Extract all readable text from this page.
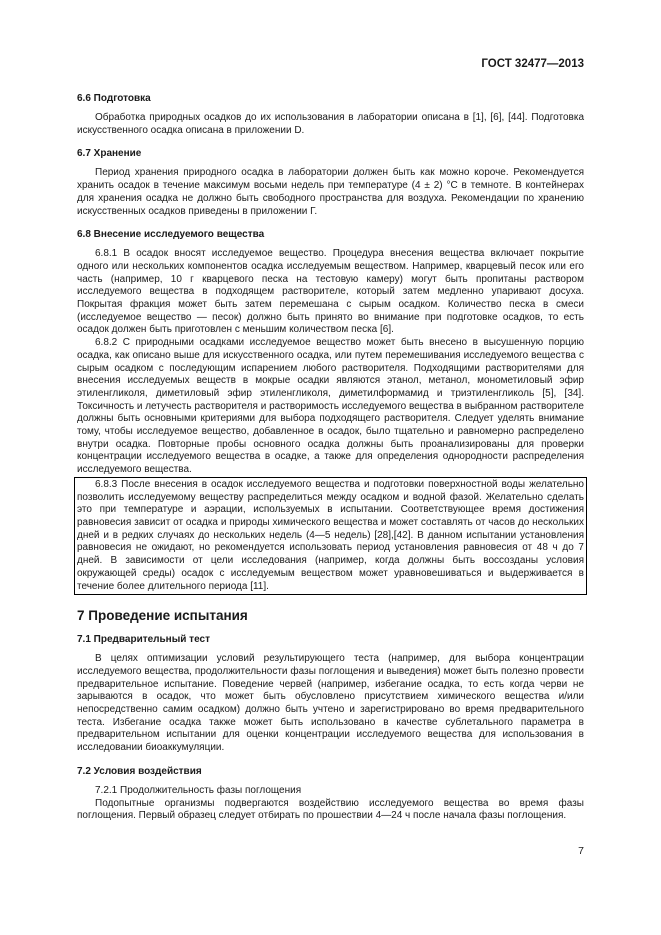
ГОСТ 32477—2013
6.6 Подготовка

Обработка природных осадков до их использования в лаборатории описана в [1], [6], [44]. Подготовка искусственного осадка описана в приложении D.

6.7 Хранение

Период хранения природного осадка в лаборатории должен быть как можно короче. Рекомендуется хранить осадок в течение максимум восьми недель при температуре (4 ± 2) °С в темноте. В контейнерах для хранения осадка не должно быть свободного пространства для воздуха. Рекомендации по хранению искусственных осадков приведены в приложении Г.

6.8 Внесение исследуемого вещества

6.8.1 В осадок вносят исследуемое вещество. Процедура внесения вещества включает покрытие одного или нескольких компонентов осадка исследуемым веществом. Например, кварцевый песок или его часть (например, 10 г кварцевого песка на тестовую камеру) могут быть пропитаны раствором исследуемого вещества в подходящем растворителе, который затем медленно упаривают досуха. Покрытая фракция может быть затем перемешана с сырым осадком. Количество песка в смеси (исследуемое вещество — песок) должно быть принято во внимание при подготовке осадков, то есть осадок должен быть приготовлен с меньшим количеством песка [6].

6.8.2 С природными осадками исследуемое вещество может быть внесено в высушенную порцию осадка, как описано выше для искусственного осадка, или путем перемешивания исследуемого вещества с сырым осадком с последующим испарением любого растворителя. Подходящими растворителями для внесения исследуемых веществ в мокрые осадки являются этанол, метанол, монометиловый эфир этиленгликоля, диметиловый эфир этиленгликоля, диметилформамид и триэтиленгликоль [5], [34]. Токсичность и летучесть растворителя и растворимость исследуемого вещества в выбранном растворителе должны быть основными критериями для выбора подходящего растворителя. Следует уделять внимание тому, чтобы исследуемое вещество, добавленное в осадок, было тщательно и равномерно распределено внутри осадка. Повторные пробы основного осадка должны быть проанализированы для проверки концентрации исследуемого вещества в осадке, а также для определения однородности распределения исследуемого вещества.

6.8.3 После внесения в осадок исследуемого вещества и подготовки поверхностной воды желательно позволить исследуемому веществу распределиться между осадком и водной фазой. Желательно сделать это при температуре и аэрации, используемых в испытании. Соответствующее время достижения равновесия зависит от осадка и природы химического вещества и может составлять от часов до нескольких дней и в редких случаях до нескольких недель (4—5 недель) [28],[42]. В данном испытании установления равновесия не ожидают, но рекомендуется использовать период установления равновесия от 48 ч до 7 дней. В зависимости от цели исследования (например, когда должны быть воссозданы условия окружающей среды) осадок с исследуемым веществом может уравновешиваться и выдерживается в течение более длительного периода [11].

7 Проведение испытания
7.1 Предварительный тест

В целях оптимизации условий результирующего теста (например, для выбора концентрации исследуемого вещества, продолжительности фазы поглощения и выведения) может быть полезно провести предварительное испытание. Поведение червей (например, избегание осадка, то есть когда черви не зарываются в осадок, что может быть обусловлено присутствием химического вещества и/или непосредственно самим осадком) должно быть учтено и зарегистрировано во время предварительного теста. Избегание осадка также может быть использовано в качестве сублетального параметра в предварительном испытании для оценки концентрации исследуемого вещества для использования в исследовании биоаккумуляции.

7.2 Условия воздействия

7.2.1 Продолжительность фазы поглощения

Подопытные организмы подвергаются воздействию исследуемого вещества во время фазы поглощения. Первый образец следует отбирать по прошествии 4—24 ч после начала фазы поглощения.

7
